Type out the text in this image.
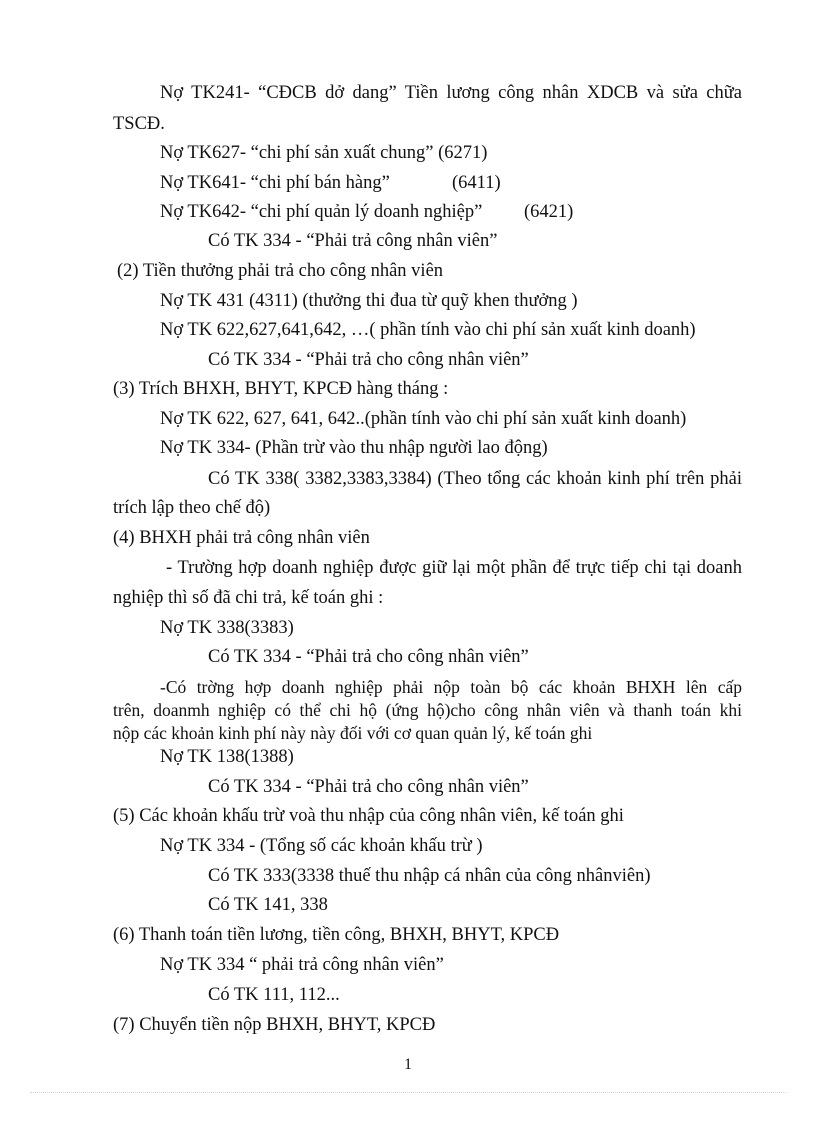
Nợ TK241- “CĐCB dở dang” Tiền lương công nhân XDCB và sửa chữa
TSCĐ.
Nợ TK627- “chi phí sản xuất chung” (6271)
Nợ TK641- “chi phí bán hàng”	(6411)
Nợ TK642- “chi phí quản lý doanh nghiệp” (6421)
Có TK 334 - “Phải trả công nhân viên”
(2) Tiền thưởng phải trả cho công nhân viên
Nợ TK 431 (4311) (thưởng thi đua từ quỹ khen thưởng )
Nợ TK 622,627,641,642, …( phần tính vào chi phí sản xuất kinh doanh)
Có TK 334 - “Phải trả cho công nhân viên”
(3) Trích BHXH, BHYT, KPCĐ hàng tháng :
Nợ TK 622, 627, 641, 642..(phần tính vào chi phí sản xuất kinh doanh)
Nợ TK 334- (Phần trừ vào thu nhập người lao động)
Có TK 338( 3382,3383,3384) (Theo tổng các khoản kinh phí trên phải
trích lập theo chế độ)
(4) BHXH phải trả công nhân viên
- Trường hợp doanh nghiệp được giữ lại một phần để trực tiếp chi tại doanh
nghiệp thì số đã chi trả, kế toán ghi :
Nợ TK 338(3383)
Có TK 334 - “Phải trả cho công nhân viên”
-Có trờng hợp doanh nghiệp phải nộp toàn bộ các khoản BHXH lên cấp
trên, doanmh nghiệp có thể chi hộ (ứng hộ)cho công nhân viên và thanh toán khi
nộp các khoản kinh phí này này đối với cơ quan quản lý, kế toán ghi
Nợ TK 138(1388)
Có TK 334 - “Phải trả cho công nhân viên”
(5) Các khoản khấu trừ voà thu nhập của công nhân viên, kế toán ghi
Nợ TK 334 - (Tổng số các khoản khấu trừ )
Có TK 333(3338 thuế thu nhập cá nhân của công nhânviên)
Có TK 141, 338
(6) Thanh toán tiền lương, tiền công, BHXH, BHYT, KPCĐ
Nợ TK 334 “ phải trả công nhân viên”
Có TK 111, 112...
(7) Chuyển tiền nộp BHXH, BHYT, KPCĐ
1
